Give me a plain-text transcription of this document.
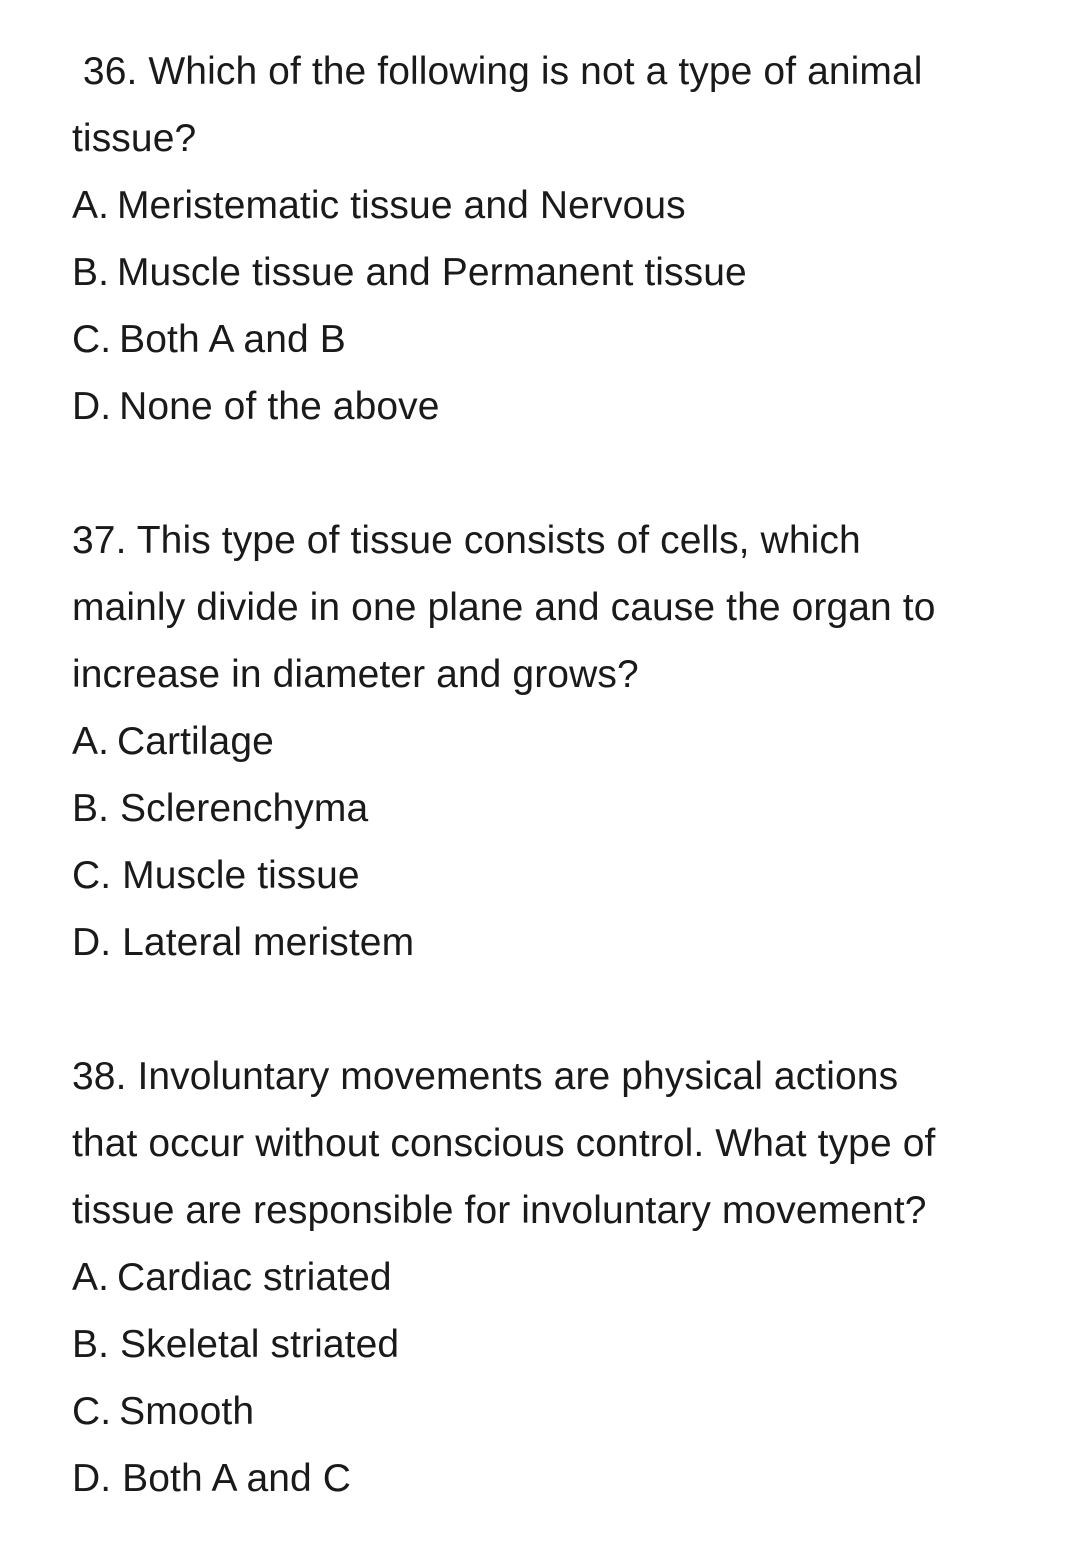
36. Which of the following is not a type of animal
tissue?
A. Meristematic tissue and Nervous
B. Muscle tissue and Permanent tissue
C. Both A and B
D. None of the above
37. This type of tissue consists of cells, which
mainly divide in one plane and cause the organ to
increase in diameter and grows?
A. Cartilage
B. Sclerenchyma
C. Muscle tissue
D. Lateral meristem
38. Involuntary movements are physical actions
that occur without conscious control. What type of
tissue are responsible for involuntary movement?
A. Cardiac striated
B. Skeletal striated
C. Smooth
D. Both A and C
